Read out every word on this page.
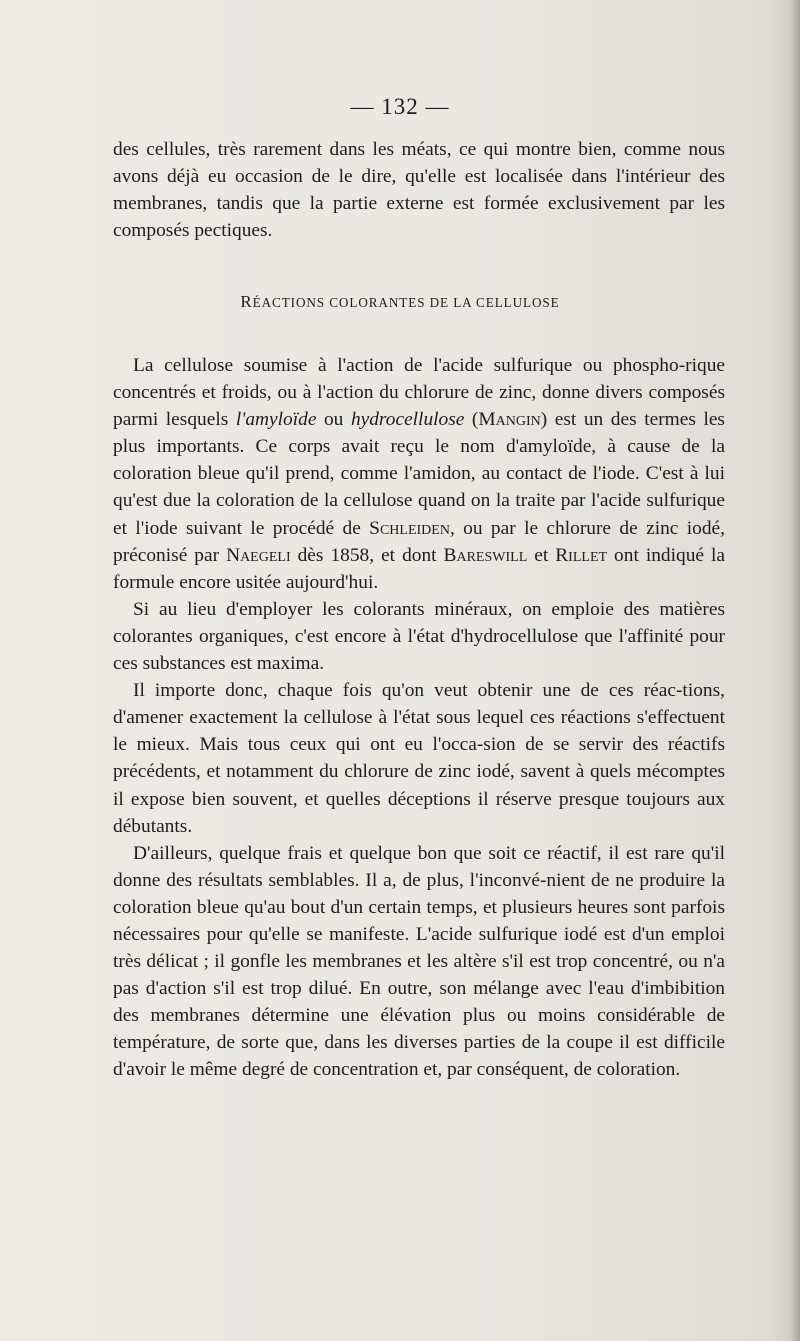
— 132 —

des cellules, très rarement dans les méats, ce qui montre bien, comme nous avons déjà eu occasion de le dire, qu'elle est localisée dans l'intérieur des membranes, tandis que la partie externe est formée exclusivement par les composés pectiques.

RÉACTIONS COLORANTES DE LA CELLULOSE

La cellulose soumise à l'action de l'acide sulfurique ou phospho-rique concentrés et froids, ou à l'action du chlorure de zinc, donne divers composés parmi lesquels l'amyloïde ou hydrocellulose (Mangin) est un des termes les plus importants. Ce corps avait reçu le nom d'amyloïde, à cause de la coloration bleue qu'il prend, comme l'amidon, au contact de l'iode. C'est à lui qu'est due la coloration de la cellulose quand on la traite par l'acide sulfurique et l'iode suivant le procédé de Schleiden, ou par le chlorure de zinc iodé, préconisé par Naegeli dès 1858, et dont Bareswill et Rillet ont indiqué la formule encore usitée aujourd'hui.

Si au lieu d'employer les colorants minéraux, on emploie des matières colorantes organiques, c'est encore à l'état d'hydrocellulose que l'affinité pour ces substances est maxima.

Il importe donc, chaque fois qu'on veut obtenir une de ces réac-tions, d'amener exactement la cellulose à l'état sous lequel ces réactions s'effectuent le mieux. Mais tous ceux qui ont eu l'occa-sion de se servir des réactifs précédents, et notamment du chlorure de zinc iodé, savent à quels mécomptes il expose bien souvent, et quelles déceptions il réserve presque toujours aux débutants.

D'ailleurs, quelque frais et quelque bon que soit ce réactif, il est rare qu'il donne des résultats semblables. Il a, de plus, l'inconvé-nient de ne produire la coloration bleue qu'au bout d'un certain temps, et plusieurs heures sont parfois nécessaires pour qu'elle se manifeste. L'acide sulfurique iodé est d'un emploi très délicat ; il gonfle les membranes et les altère s'il est trop concentré, ou n'a pas d'action s'il est trop dilué. En outre, son mélange avec l'eau d'imbibition des membranes détermine une élévation plus ou moins considérable de température, de sorte que, dans les diverses parties de la coupe il est difficile d'avoir le même degré de concentration et, par conséquent, de coloration.
